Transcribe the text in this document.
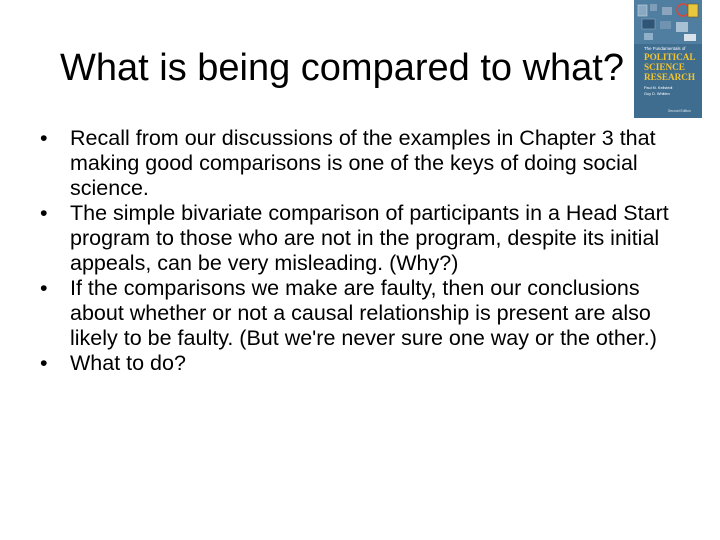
What is being compared to what?	The Fundamentals of
POLITICAL
SCIENCE
RESEARCH
Paul M. Kellstedt
Guy D. Whitten
Second Edition
• Recall from our discussions of the examples in Chapter 3 that making good comparisons is one of the keys of doing social science.
• The simple bivariate comparison of participants in a Head Start program to those who are not in the program, despite its initial appeals, can be very misleading. (Why?)
• If the comparisons we make are faulty, then our conclusions about whether or not a causal relationship is present are also likely to be faulty. (But we're never sure one way or the other.)
• What to do?
